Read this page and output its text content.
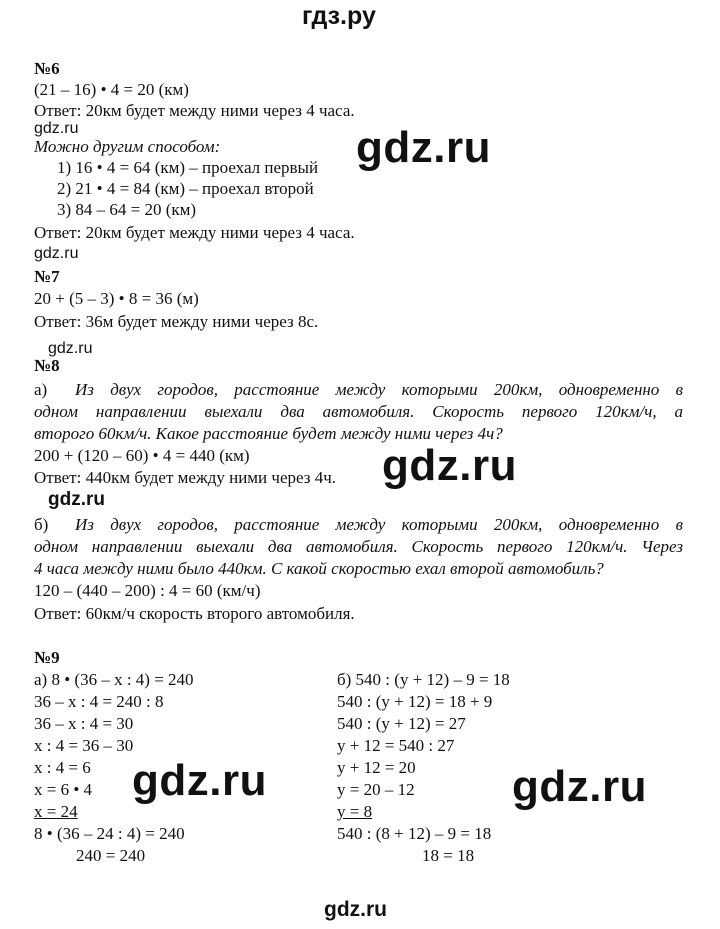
гдз.ру
№6
(21 – 16) • 4 = 20 (км)
Ответ: 20км будет между ними через 4 часа.
gdz.ru
Можно другим способом:
1) 16 • 4 = 64 (км) – проехал первый
2) 21 • 4 = 84 (км) – проехал второй
3) 84 – 64 = 20 (км)
Ответ: 20км будет между ними через 4 часа.
gdz.ru
gdz.ru
№7
20 + (5 – 3) • 8 = 36 (м)
Ответ: 36м будет между ними через 8с.
gdz.ru
№8
а) Из двух городов, расстояние между которыми 200км, одновременно в
одном направлении выехали два автомобиля. Скорость первого 120км/ч, а
второго 60км/ч. Какое расстояние будет между ними через 4ч?
200 + (120 – 60) • 4 = 440 (км)
Ответ: 440км будет между ними через 4ч. gdz.ru
gdz.ru
б) Из двух городов, расстояние между которыми 200км, одновременно в
одном направлении выехали два автомобиля. Скорость первого 120км/ч. Через
4 часа между ними было 440км. С какой скоростью ехал второй автомобиль?
120 – (440 – 200) : 4 = 60 (км/ч)
Ответ: 60км/ч скорость второго автомобиля.
№9
а) 8 • (36 – х : 4) = 240
36 – х : 4 = 240 : 8
36 – х : 4 = 30
х : 4 = 36 – 30
х : 4 = 6
х = 6 • 4
х = 24
8 • (36 – 24 : 4) = 240
240 = 240
gdz.ru
б) 540 : (у + 12) – 9 = 18
540 : (у + 12) = 18 + 9
540 : (у + 12) = 27
у + 12 = 540 : 27
у + 12 = 20
у = 20 – 12
у = 8
540 : (8 + 12) – 9 = 18
18 = 18
gdz.ru
gdz.ru
